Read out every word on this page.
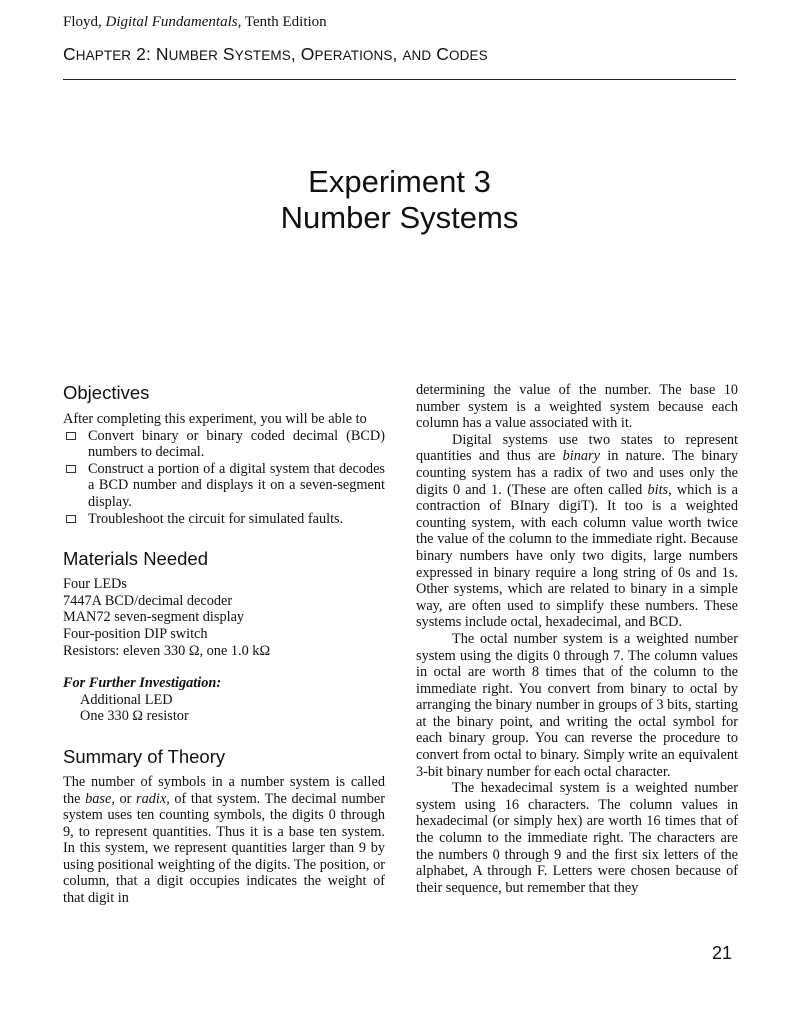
Floyd, Digital Fundamentals, Tenth Edition
CHAPTER 2: NUMBER SYSTEMS, OPERATIONS, AND CODES
Experiment 3
Number Systems
Objectives

After completing this experiment, you will be able to

Convert binary or binary coded decimal (BCD) numbers to decimal.
Construct a portion of a digital system that decodes a BCD number and displays it on a seven-segment display.
Troubleshoot the circuit for simulated faults.
Materials Needed
Four LEDs
7447A BCD/decimal decoder
MAN72 seven-segment display
Four-position DIP switch
Resistors: eleven 330 Ω, one 1.0 kΩ
For Further Investigation:
Additional LED
One 330 Ω resistor
Summary of Theory

The number of symbols in a number system is called the base, or radix, of that system. The decimal number system uses ten counting symbols, the digits 0 through 9, to represent quantities. Thus it is a base ten system. In this system, we represent quantities larger than 9 by using positional weighting of the digits. The position, or column, that a digit occupies indicates the weight of that digit in

determining the value of the number. The base 10 number system is a weighted system because each column has a value associated with it.

Digital systems use two states to represent quantities and thus are binary in nature. The binary counting system has a radix of two and uses only the digits 0 and 1. (These are often called bits, which is a contraction of BInary digiT). It too is a weighted counting system, with each column value worth twice the value of the column to the immediate right. Because binary numbers have only two digits, large numbers expressed in binary require a long string of 0s and 1s. Other systems, which are related to binary in a simple way, are often used to simplify these numbers. These systems include octal, hexadecimal, and BCD.

The octal number system is a weighted number system using the digits 0 through 7. The column values in octal are worth 8 times that of the column to the immediate right. You convert from binary to octal by arranging the binary number in groups of 3 bits, starting at the binary point, and writing the octal symbol for each binary group. You can reverse the procedure to convert from octal to binary. Simply write an equivalent 3-bit binary number for each octal character.

The hexadecimal system is a weighted number system using 16 characters. The column values in hexadecimal (or simply hex) are worth 16 times that of the column to the immediate right. The characters are the numbers 0 through 9 and the first six letters of the alphabet, A through F. Letters were chosen because of their sequence, but remember that they

21
